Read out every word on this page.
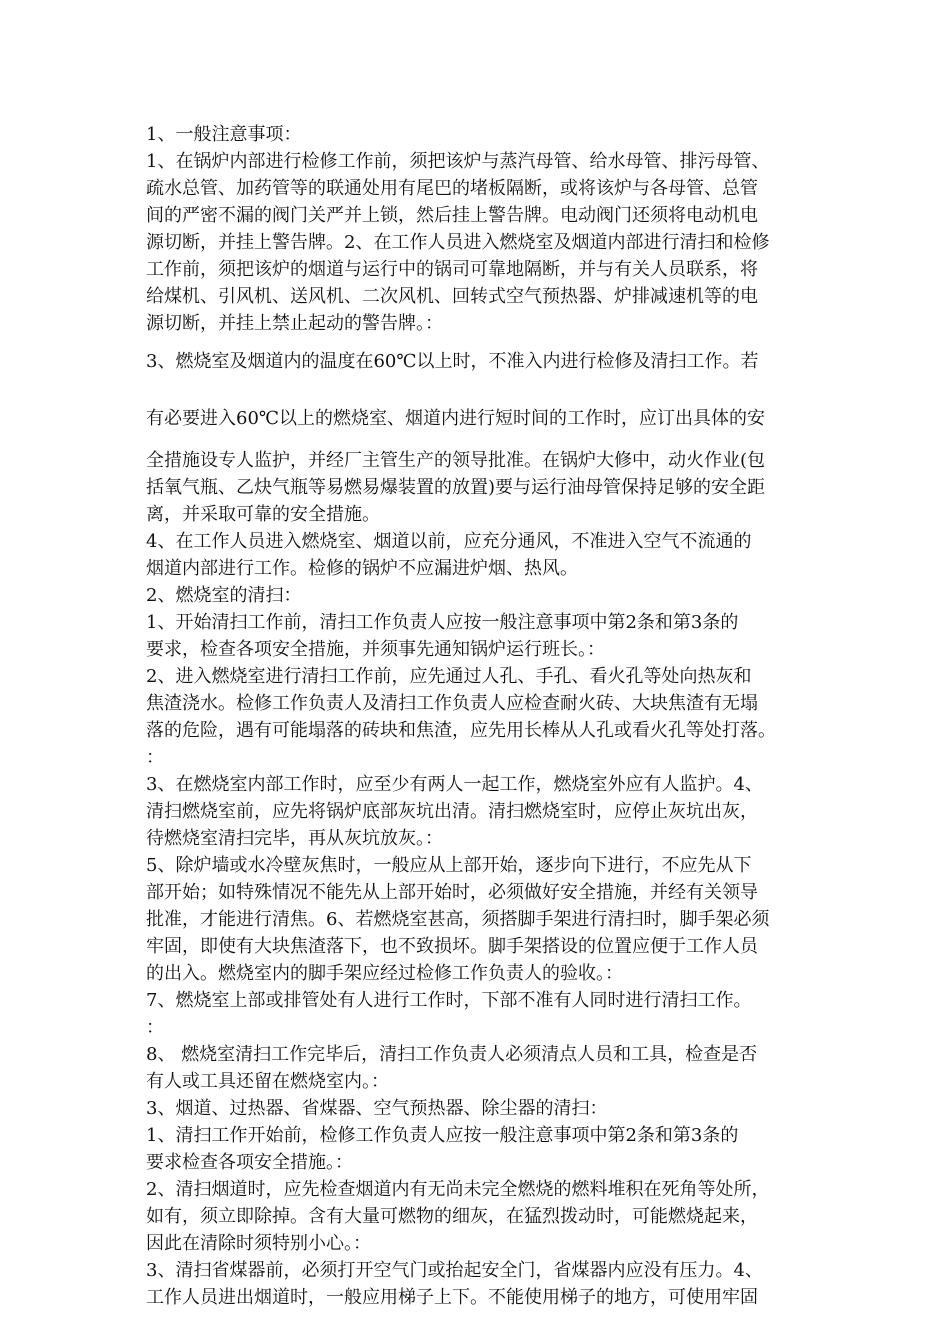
1、一般注意事项：
1、在锅炉内部进行检修工作前，须把该炉与蒸汽母管、给水母管、排污母管、
疏水总管、加药管等的联通处用有尾巴的堵板隔断，或将该炉与各母管、总管
间的严密不漏的阀门关严并上锁，然后挂上警告牌。电动阀门还须将电动机电
源切断，并挂上警告牌。2、在工作人员进入燃烧室及烟道内部进行清扫和检修
工作前，须把该炉的烟道与运行中的锅司可靠地隔断，并与有关人员联系，将
给煤机、引风机、送风机、二次风机、回转式空气预热器、炉排减速机等的电
源切断，并挂上禁止起动的警告牌。：
3、燃烧室及烟道内的温度在60℃以上时，不准入内进行检修及清扫工作。若
有必要进入60℃以上的燃烧室、烟道内进行短时间的工作时，应订出具体的安
全措施设专人监护，并经厂主管生产的领导批准。在锅炉大修中，动火作业(包
括氧气瓶、乙炔气瓶等易燃易爆装置的放置)要与运行油母管保持足够的安全距
离，并采取可靠的安全措施。
4、在工作人员进入燃烧室、烟道以前，应充分通风，不准进入空气不流通的
烟道内部进行工作。检修的锅炉不应漏进炉烟、热风。
2、燃烧室的清扫：
1、开始清扫工作前，清扫工作负责人应按一般注意事项中第2条和第3条的
要求，检查各项安全措施，并须事先通知锅炉运行班长。：
2、进入燃烧室进行清扫工作前，应先通过人孔、手孔、看火孔等处向热灰和
焦渣浇水。检修工作负责人及清扫工作负责人应检查耐火砖、大块焦渣有无塌
落的危险，遇有可能塌落的砖块和焦渣，应先用长棒从人孔或看火孔等处打落。
：
3、在燃烧室内部工作时，应至少有两人一起工作，燃烧室外应有人监护。4、
清扫燃烧室前，应先将锅炉底部灰坑出清。清扫燃烧室时，应停止灰坑出灰，
待燃烧室清扫完毕，再从灰坑放灰。：
5、除炉墙或水冷壁灰焦时，一般应从上部开始，逐步向下进行，不应先从下
部开始；如特殊情况不能先从上部开始时，必须做好安全措施，并经有关领导
批准，才能进行清焦。6、若燃烧室甚高，须搭脚手架进行清扫时，脚手架必须
牢固，即使有大块焦渣落下，也不致损坏。脚手架搭设的位置应便于工作人员
的出入。燃烧室内的脚手架应经过检修工作负责人的验收。：
7、燃烧室上部或排管处有人进行工作时，下部不准有人同时进行清扫工作。
：
8、 燃烧室清扫工作完毕后，清扫工作负责人必须清点人员和工具，检查是否
有人或工具还留在燃烧室内。：
3、烟道、过热器、省煤器、空气预热器、除尘器的清扫：
1、清扫工作开始前，检修工作负责人应按一般注意事项中第2条和第3条的
要求检查各项安全措施。：
2、清扫烟道时，应先检查烟道内有无尚未完全燃烧的燃料堆积在死角等处所，
如有，须立即除掉。含有大量可燃物的细灰，在猛烈拨动时，可能燃烧起来，
因此在清除时须特别小心。：
3、清扫省煤器前，必须打开空气门或抬起安全门，省煤器内应没有压力。4、
工作人员进出烟道时，一般应用梯子上下。不能使用梯子的地方，可使用牢固
